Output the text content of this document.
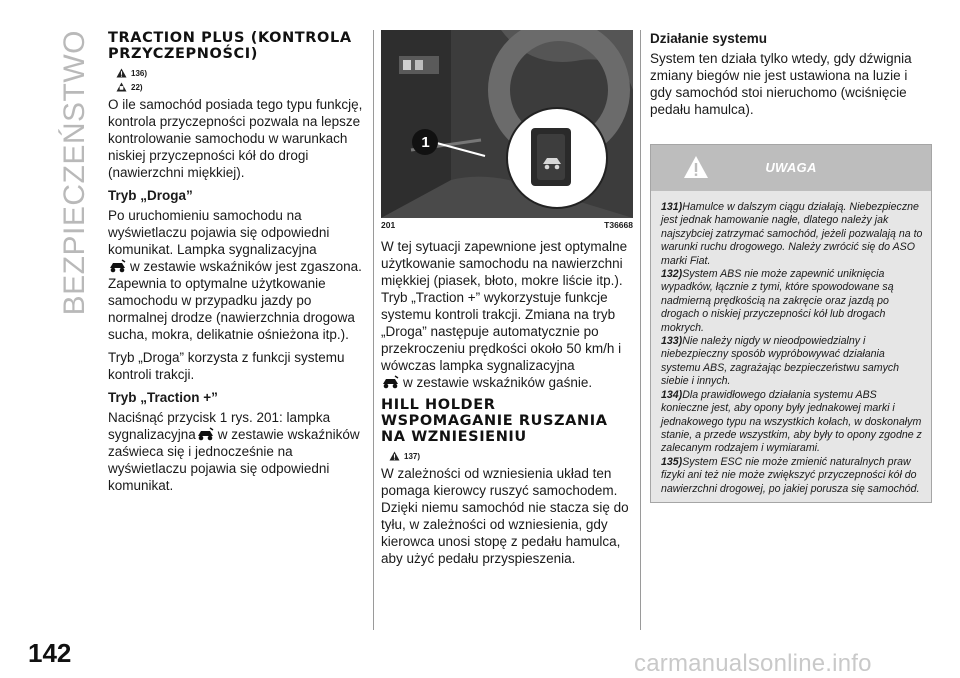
BEZPIECZEŃSTWO
142
TRACTION PLUS (KONTROLA PRZYCZEPNOŚCI)
136)
22)

O ile samochód posiada tego typu funkcję, kontrola przyczepności pozwala na lepsze kontrolowanie samochodu w warunkach niskiej przyczepności kół do drogi (nawierzchni miękkiej).

Tryb „Droga”

Po uruchomieniu samochodu na wyświetlaczu pojawia się odpowiedni komunikat. Lampka sygnalizacyjna
w zestawie wskaźników jest zgaszona. Zapewnia to optymalne użytkowanie samochodu w przypadku jazdy po normalnej drodze (nawierzchnia drogowa sucha, mokra, delikatnie ośnieżona itp.).

Tryb „Droga” korzysta z funkcji systemu kontroli trakcji.

Tryb „Traction +”

Naciśnąć przycisk 1 rys. 201: lampka sygnalizacyjna w zestawie wskaźników zaświeca się i jednocześnie na wyświetlaczu pojawia się odpowiedni komunikat.

1
201	T36668

W tej sytuacji zapewnione jest optymalne użytkowanie samochodu na nawierzchni miękkiej (piasek, błoto, mokre liście itp.). Tryb „Traction +” wykorzystuje funkcje systemu kontroli trakcji. Zmiana na tryb „Droga” następuje automatycznie po przekroczeniu prędkości około 50 km/h i wówczas lampka sygnalizacyjna
w zestawie wskaźników gaśnie.

HILL HOLDER WSPOMAGANIE RUSZANIA NA WZNIESIENIU
137)

W zależności od wzniesienia układ ten pomaga kierowcy ruszyć samochodem. Dzięki niemu samochód nie stacza się do tyłu, w zależności od wzniesienia, gdy kierowca unosi stopę z pedału hamulca, aby użyć pedału przyspieszenia.

Działanie systemu

System ten działa tylko wtedy, gdy dźwignia zmiany biegów nie jest ustawiona na luzie i gdy samochód stoi nieruchomo (wciśnięcie pedału hamulca).

UWAGA

131)Hamulce w dalszym ciągu działają. Niebezpieczne jest jednak hamowanie nagłe, dlatego należy jak najszybciej zatrzymać samochód, jeżeli pozwalają na to warunki ruchu drogowego. Należy zwrócić się do ASO marki Fiat.

132)System ABS nie może zapewnić uniknięcia wypadków, łącznie z tymi, które spowodowane są nadmierną prędkością na zakręcie oraz jazdą po drogach o niskiej przyczepności kół lub drogach mokrych.

133)Nie należy nigdy w nieodpowiedzialny i niebezpieczny sposób wypróbowywać działania systemu ABS, zagrażając bezpieczeństwu samych siebie i innych.

134)Dla prawidłowego działania systemu ABS konieczne jest, aby opony były jednakowej marki i jednakowego typu na wszystkich kołach, w doskonałym stanie, a przede wszystkim, aby były to opony zgodne z zalecanym rodzajem i wymiarami.

135)System ESC nie może zmienić naturalnych praw fizyki ani też nie może zwiększyć przyczepności kół do nawierzchni drogowej, po jakiej porusza się samochód.

carmanualsonline.info
